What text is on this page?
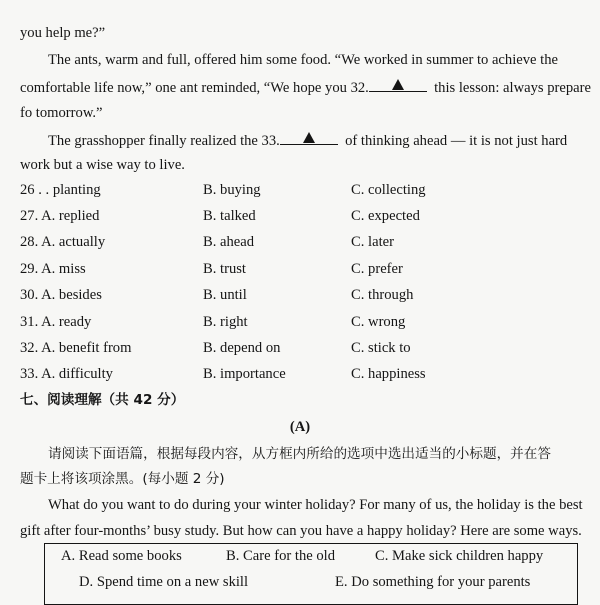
you help me?”
The ants, warm and full, offered him some food. “We worked in summer to achieve the
comfortable life now,” one ant reminded, “We hope you 32.	this lesson: always prepare
fo tomorrow.”
The grasshopper finally realized the 33.	of thinking ahead — it is not just hard
work but a wise way to live.
26 . . planting	B. buying	C. collecting
27. A. replied	B. talked	C. expected
28. A. actually	B. ahead	C. later
29. A. miss	B. trust	C. prefer
30. A. besides	B. until	C. through
31. A. ready	B. right	C. wrong
32. A. benefit from	B. depend on	C. stick to
33. A. difficulty	B. importance	C. happiness
七、阅读理解（共 42 分）
(A)
请阅读下面语篇，根据每段内容，从方框内所给的选项中选出适当的小标题，并在答
题卡上将该项涂黑。(每小题 2 分)
What do you want to do during your winter holiday? For many of us, the holiday is the best
gift after four-months’ busy study. But how can you have a happy holiday? Here are some ways.
A. Read some books	B. Care for the old	C. Make sick children happy
D. Spend time on a new skill	E. Do something for your parents
